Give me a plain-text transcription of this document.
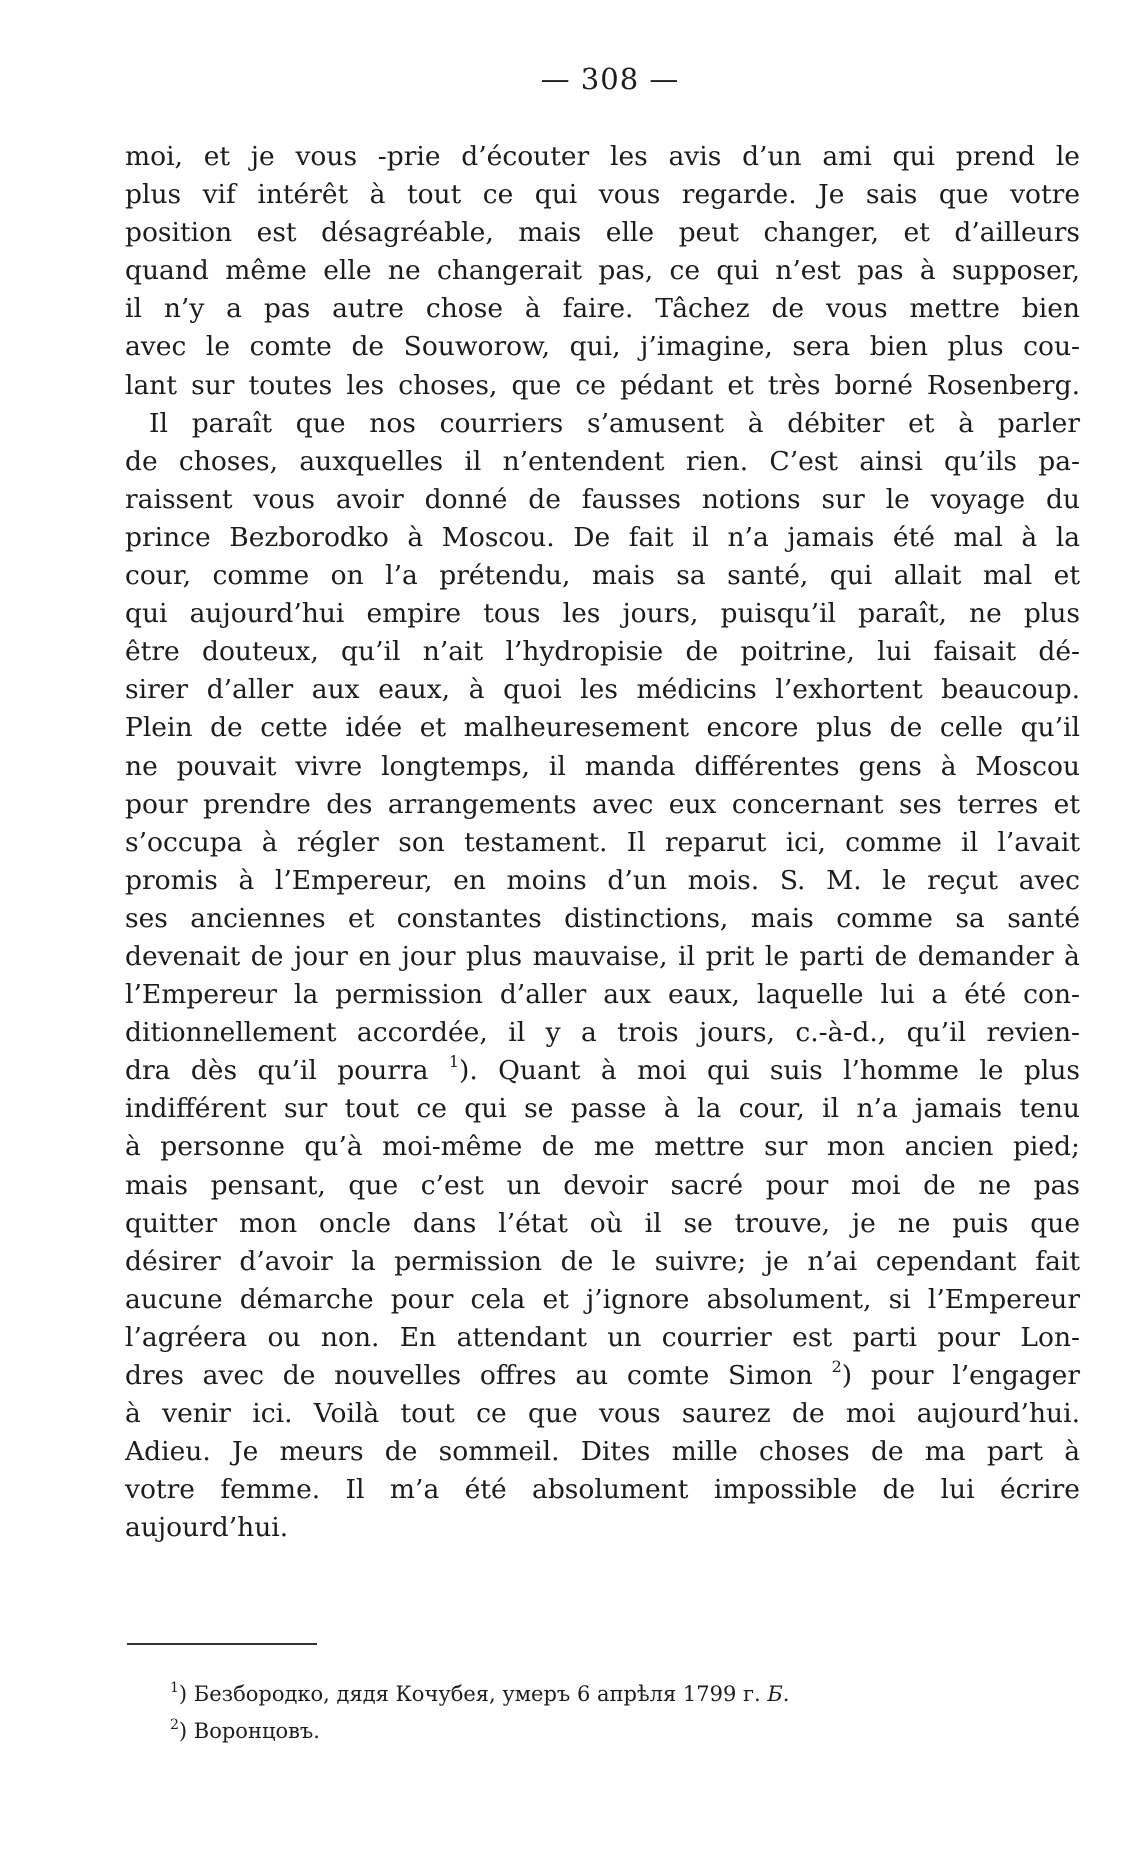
— 308 —
moi, et je vous -prie d’écouter les avis d’un ami qui prend le
plus vif intérêt à tout ce qui vous regarde. Je sais que votre
position est désagréable, mais elle peut changer, et d’ailleurs
quand même elle ne changerait pas, ce qui n’est pas à supposer,
il n’y a pas autre chose à faire. Tâchez de vous mettre bien
avec le comte de Souworow, qui, j’imagine, sera bien plus cou-
lant sur toutes les choses, que ce pédant et très borné Rosenberg.
Il paraît que nos courriers s’amusent à débiter et à parler
de choses, auxquelles il n’entendent rien. C’est ainsi qu’ils pa-
raissent vous avoir donné de fausses notions sur le voyage du
prince Bezborodko à Moscou. De fait il n’a jamais été mal à la
cour, comme on l’a prétendu, mais sa santé, qui allait mal et
qui aujourd’hui empire tous les jours, puisqu’il paraît, ne plus
être douteux, qu’il n’ait l’hydropisie de poitrine, lui faisait dé-
sirer d’aller aux eaux, à quoi les médicins l’exhortent beaucoup.
Plein de cette idée et malheuresement encore plus de celle qu’il
ne pouvait vivre longtemps, il manda différentes gens à Moscou
pour prendre des arrangements avec eux concernant ses terres et
s’occupa à régler son testament. Il reparut ici, comme il l’avait
promis à l’Empereur, en moins d’un mois. S. M. le reçut avec
ses anciennes et constantes distinctions, mais comme sa santé
devenait de jour en jour plus mauvaise, il prit le parti de demander à
l’Empereur la permission d’aller aux eaux, laquelle lui a été con-
ditionnellement accordée, il y a trois jours, c.-à-d., qu’il revien-
dra dès qu’il pourra $^1$). Quant à moi qui suis l’homme le plus
indifférent sur tout ce qui se passe à la cour, il n’a jamais tenu
à personne qu’à moi-même de me mettre sur mon ancien pied;
mais pensant, que c’est un devoir sacré pour moi de ne pas
quitter mon oncle dans l’état où il se trouve, je ne puis que
désirer d’avoir la permission de le suivre; je n’ai cependant fait
aucune démarche pour cela et j’ignore absolument, si l’Empereur
l’agréera ou non. En attendant un courrier est parti pour Lon-
dres avec de nouvelles offres au comte Simon $^2$) pour l’engager
à venir ici. Voilà tout ce que vous saurez de moi aujourd’hui.
Adieu. Je meurs de sommeil. Dites mille choses de ma part à
votre femme. Il m’a été absolument impossible de lui écrire
aujourd’hui.
$^1$) Безбородко, дядя Кочубея, умеръ 6 апрѣля 1799 г. Б.
$^2$) Воронцовъ.
